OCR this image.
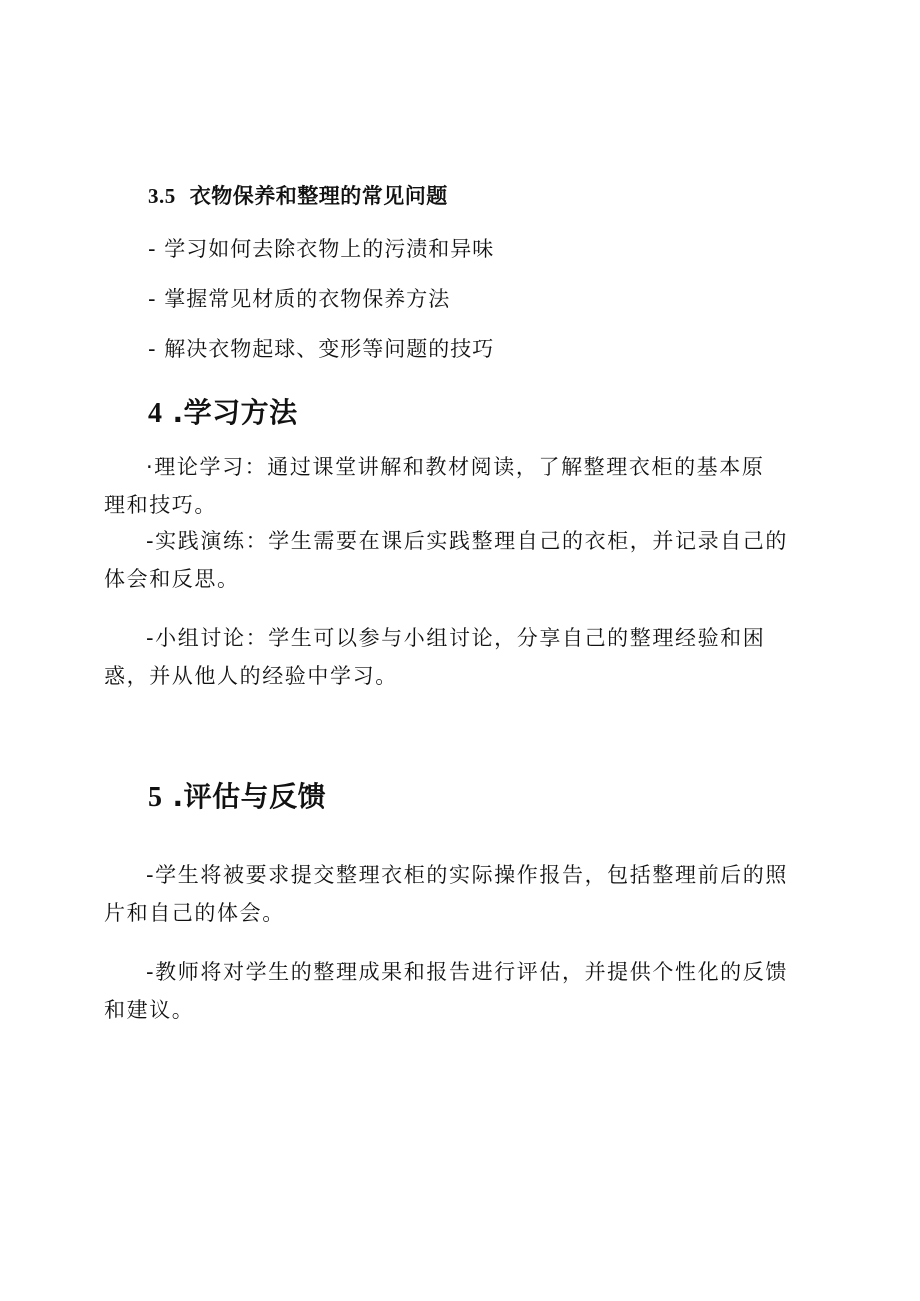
3.5 衣物保养和整理的常见问题

- 学习如何去除衣物上的污渍和异味

- 掌握常见材质的衣物保养方法

- 解决衣物起球、变形等问题的技巧

4 .学习方法
·理论学习：通过课堂讲解和教材阅读，了解整理衣柜的基本原
理和技巧。
-实践演练：学生需要在课后实践整理自己的衣柜，并记录自己的
体会和反思。
-小组讨论：学生可以参与小组讨论，分享自己的整理经验和困
惑，并从他人的经验中学习。
5 .评估与反馈
-学生将被要求提交整理衣柜的实际操作报告，包括整理前后的照
片和自己的体会。
-教师将对学生的整理成果和报告进行评估，并提供个性化的反馈
和建议。
